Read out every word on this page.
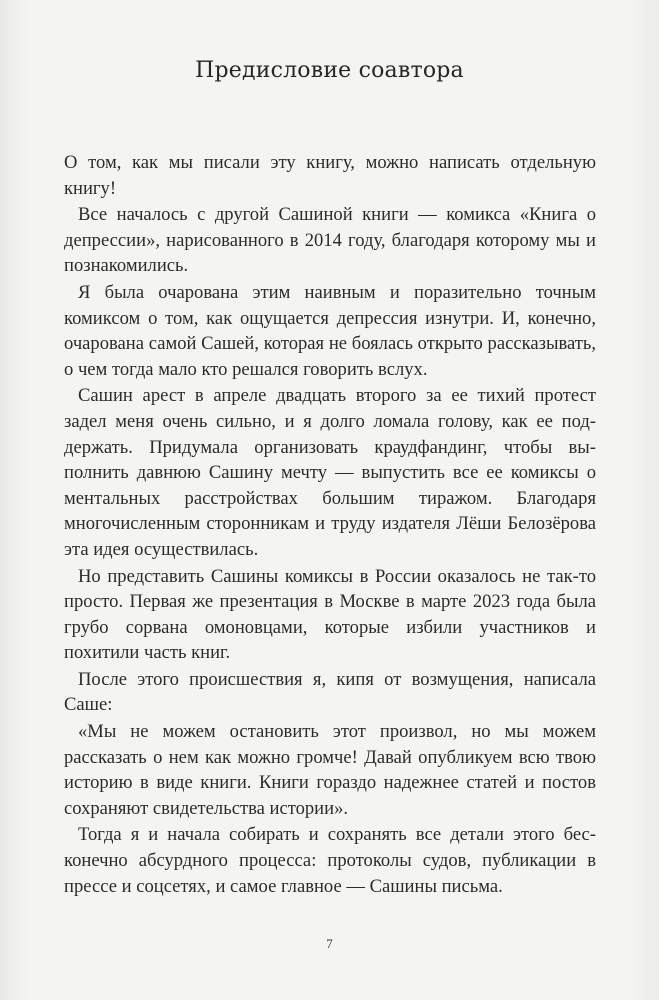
Предисловие соавтора

О том, как мы писали эту книгу, можно написать отдельную книгу!

Все началось с другой Сашиной книги — комикса «Книга о депрессии», нарисованного в 2014 году, благодаря которому мы и познакомились.

Я была очарована этим наивным и поразительно точным комиксом о том, как ощущается депрессия изнутри. И, конечно, очарована самой Сашей, которая не боялась открыто рассказывать, о чем тогда мало кто решался говорить вслух.

Сашин арест в апреле двадцать второго за ее тихий протест задел меня очень сильно, и я долго ломала голову, как ее поддержать. Придумала организовать краудфандинг, чтобы выполнить давнюю Сашину мечту — выпустить все ее комиксы о ментальных расстройствах большим тиражом. Благодаря многочисленным сторонникам и труду издателя Лёши Белозёрова эта идея осуществилась.

Но представить Сашины комиксы в России оказалось не так-то просто. Первая же презентация в Москве в марте 2023 года была грубо сорвана омоновцами, которые избили участников и похитили часть книг.

После этого происшествия я, кипя от возмущения, написала Саше:

«Мы не можем остановить этот произвол, но мы можем рассказать о нем как можно громче! Давай опубликуем всю твою историю в виде книги. Книги гораздо надежнее статей и постов сохраняют свидетельства истории».

Тогда я и начала собирать и сохранять все детали этого бесконечно абсурдного процесса: протоколы судов, публикации в прессе и соцсетях, и самое главное — Сашины письма.

7
